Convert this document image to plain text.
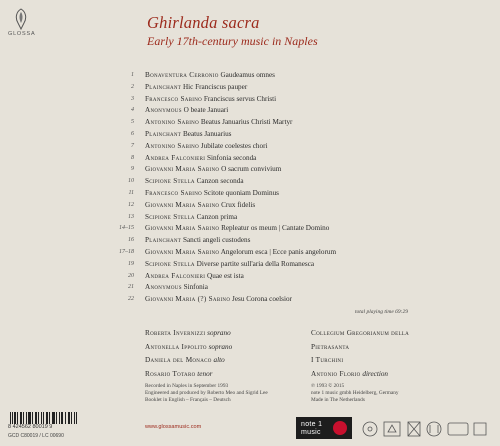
GLOSSA
Ghirlanda sacra
Early 17th-century music in Naples
1 Bonaventura Cerronio Gaudeamus omnes
2 Plainchant Hic Franciscus pauper
3 Francesco Sabino Franciscus servus Christi
4 Anonymous O beate Januari
5 Antonino Sabino Beatus Januarius Christi Martyr
6 Plainchant Beatus Januarius
7 Antonino Sabino Jubilate coelestes chori
8 Andrea Falconieri Sinfonia seconda
9 Giovanni Maria Sabino O sacrum convivium
10 Scipione Stella Canzon seconda
11 Francesco Sabino Scitote quoniam Dominus
12 Giovanni Maria Sabino Crux fidelis
13 Scipione Stella Canzon prima
14–15 Giovanni Maria Sabino Repleatur os meum | Cantate Domino
16 Plainchant Sancti angeli custodens
17–18 Giovanni Maria Sabino Angelorum esca | Ecce panis angelorum
19 Scipione Stella Diverse partite sull'aria della Romanesca
20 Andrea Falconieri Quae est ista
21 Anonymous Sinfonia
22 Giovanni Maria (?) Sabino Jesu Corona coelsior
total playing time 69:29
Roberta Invernizzi soprano
Antonella Ippolito soprano
Daniela del Monaco alto
Rosario Totaro tenor
Collegium Gregorianum della
Pietrasanta
I Turchini
Antonio Florio direction
Recorded in Naples in September 1993
Engineered and produced by Roberto Meo and Sigrid Lee
Booklet in English – Français – Deutsch
℗ 1993 © 2015
note 1 music gmbh Heidelberg, Germany
Made in The Netherlands
8 424562 80019 9
GCD C80019 / LC 00690
www.glossamusic.com	note 1
music
